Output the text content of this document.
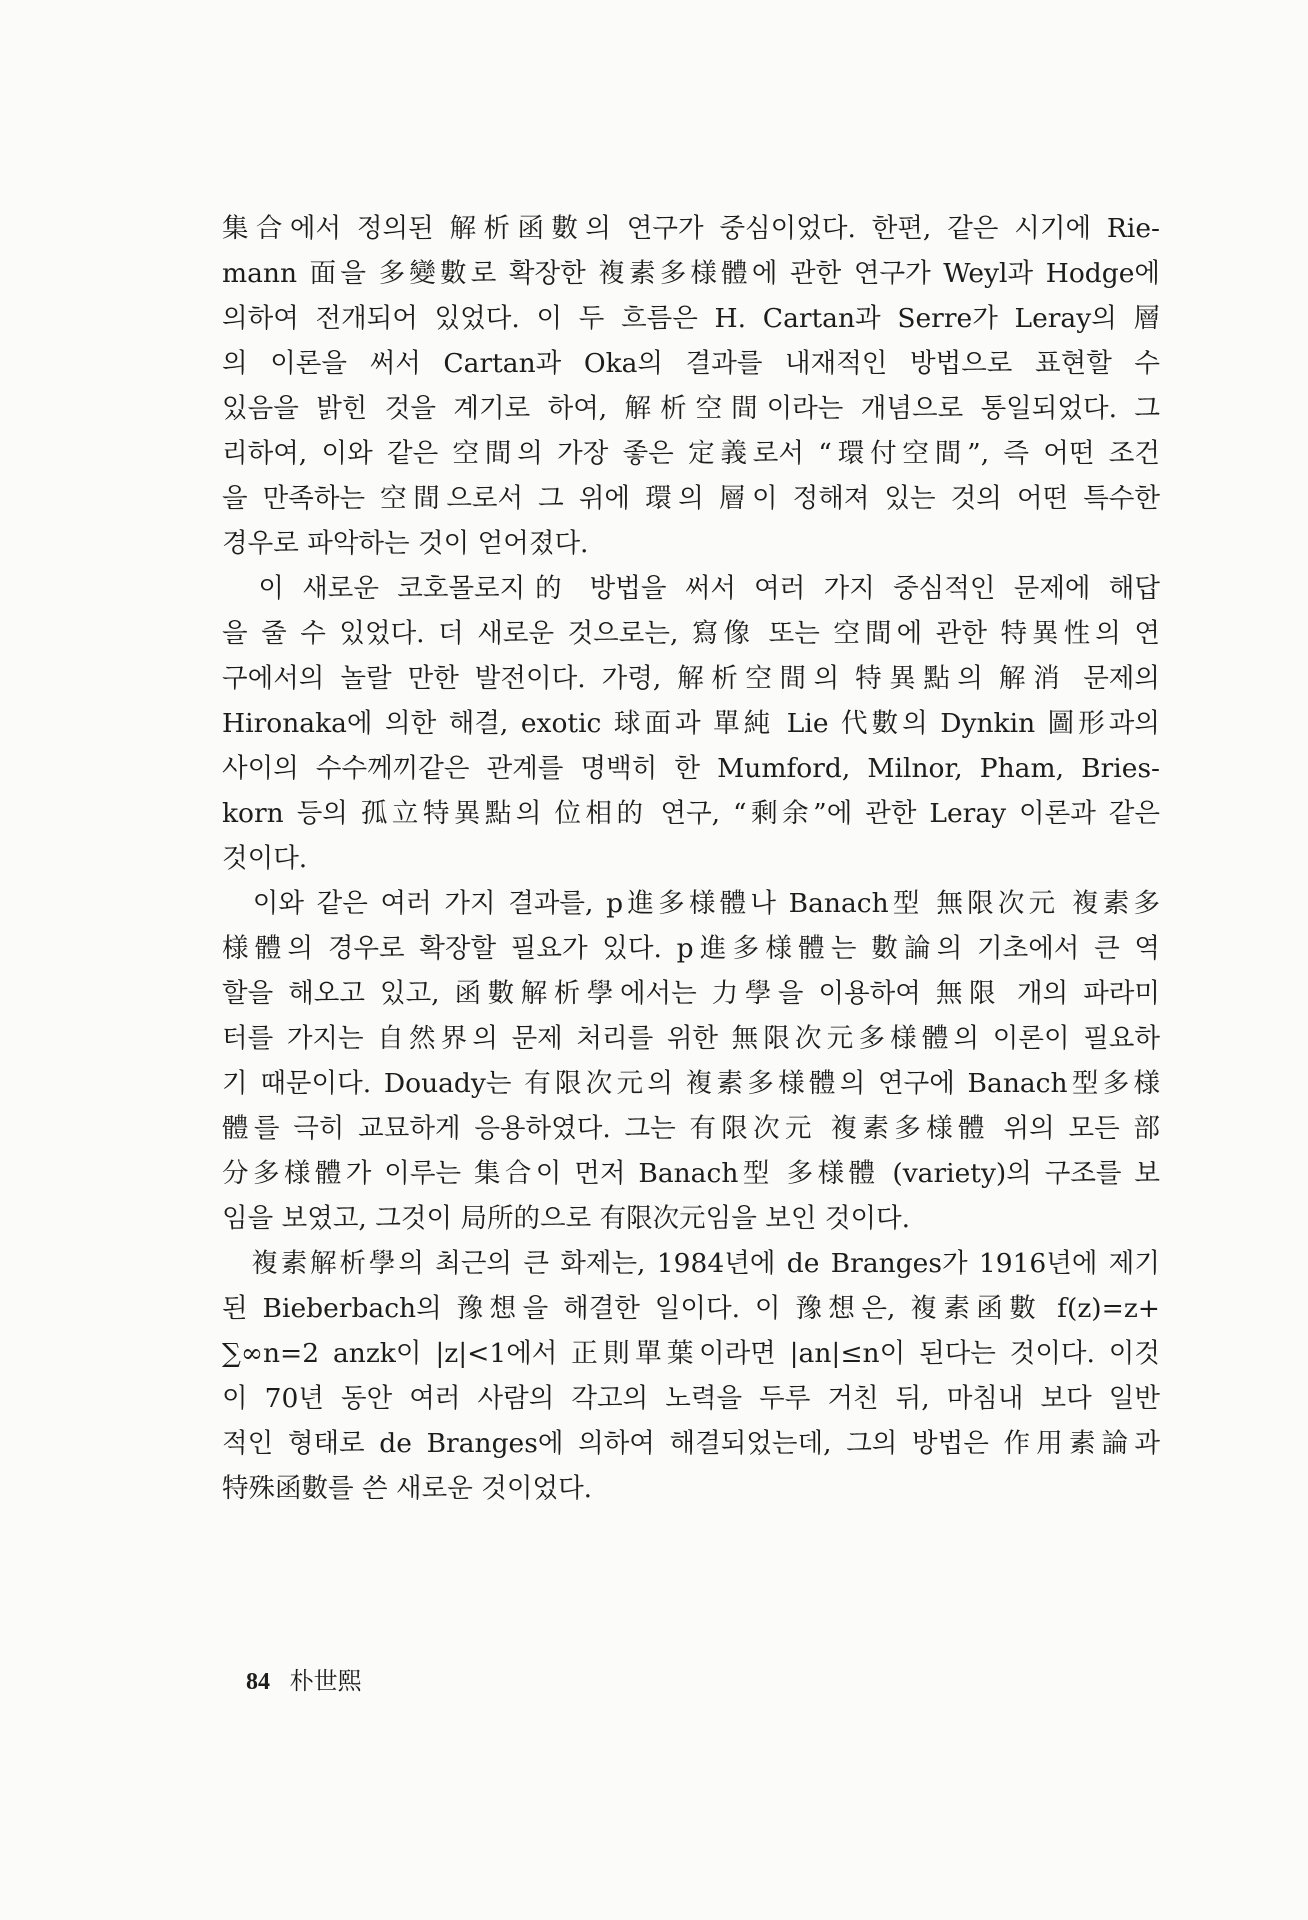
集合에서 정의된 解析函數의 연구가 중심이었다. 한편, 같은 시기에 Rie-
mann 面을 多變數로 확장한 複素多様體에 관한 연구가 Weyl과 Hodge에
의하여 전개되어 있었다. 이 두 흐름은 H. Cartan과 Serre가 Leray의 層
의 이론을 써서 Cartan과 Oka의 결과를 내재적인 방법으로 표현할 수
있음을 밝힌 것을 계기로 하여, 解析空間이라는 개념으로 통일되었다. 그
리하여, 이와 같은 空間의 가장 좋은 定義로서 “環付空間”, 즉 어떤 조건
을 만족하는 空間으로서 그 위에 環의 層이 정해져 있는 것의 어떤 특수한
경우로 파악하는 것이 얻어졌다.
　이 새로운 코호몰로지的 방법을 써서 여러 가지 중심적인 문제에 해답
을 줄 수 있었다. 더 새로운 것으로는, 寫像 또는 空間에 관한 特異性의 연
구에서의 놀랄 만한 발전이다. 가령, 解析空間의 特異點의 解消 문제의
Hironaka에 의한 해결, exotic 球面과 單純 Lie 代數의 Dynkin 圖形과의
사이의 수수께끼같은 관계를 명백히 한 Mumford, Milnor, Pham, Bries-
korn 등의 孤立特異點의 位相的 연구, “剩余”에 관한 Leray 이론과 같은
것이다.
　이와 같은 여러 가지 결과를, p進多様體나 Banach型 無限次元 複素多
様體의 경우로 확장할 필요가 있다. p進多様體는 數論의 기초에서 큰 역
할을 해오고 있고, 函數解析學에서는 力學을 이용하여 無限 개의 파라미
터를 가지는 自然界의 문제 처리를 위한 無限次元多様體의 이론이 필요하
기 때문이다. Douady는 有限次元의 複素多様體의 연구에 Banach型多様
體를 극히 교묘하게 응용하였다. 그는 有限次元 複素多様體 위의 모든 部
分多様體가 이루는 集合이 먼저 Banach型 多様體 (variety)의 구조를 보
임을 보였고, 그것이 局所的으로 有限次元임을 보인 것이다.
　複素解析學의 최근의 큰 화제는, 1984년에 de Branges가 1916년에 제기
된 Bieberbach의 豫想을 해결한 일이다. 이 豫想은, 複素函數 f(z)=z+
∑∞n=2 anzk이 |z|<1에서 正則單葉이라면 |an|≤n이 된다는 것이다. 이것
이 70년 동안 여러 사람의 각고의 노력을 두루 거친 뒤, 마침내 보다 일반
적인 형태로 de Branges에 의하여 해결되었는데, 그의 방법은 作用素論과
特殊函數를 쓴 새로운 것이었다.
84 朴世熙
